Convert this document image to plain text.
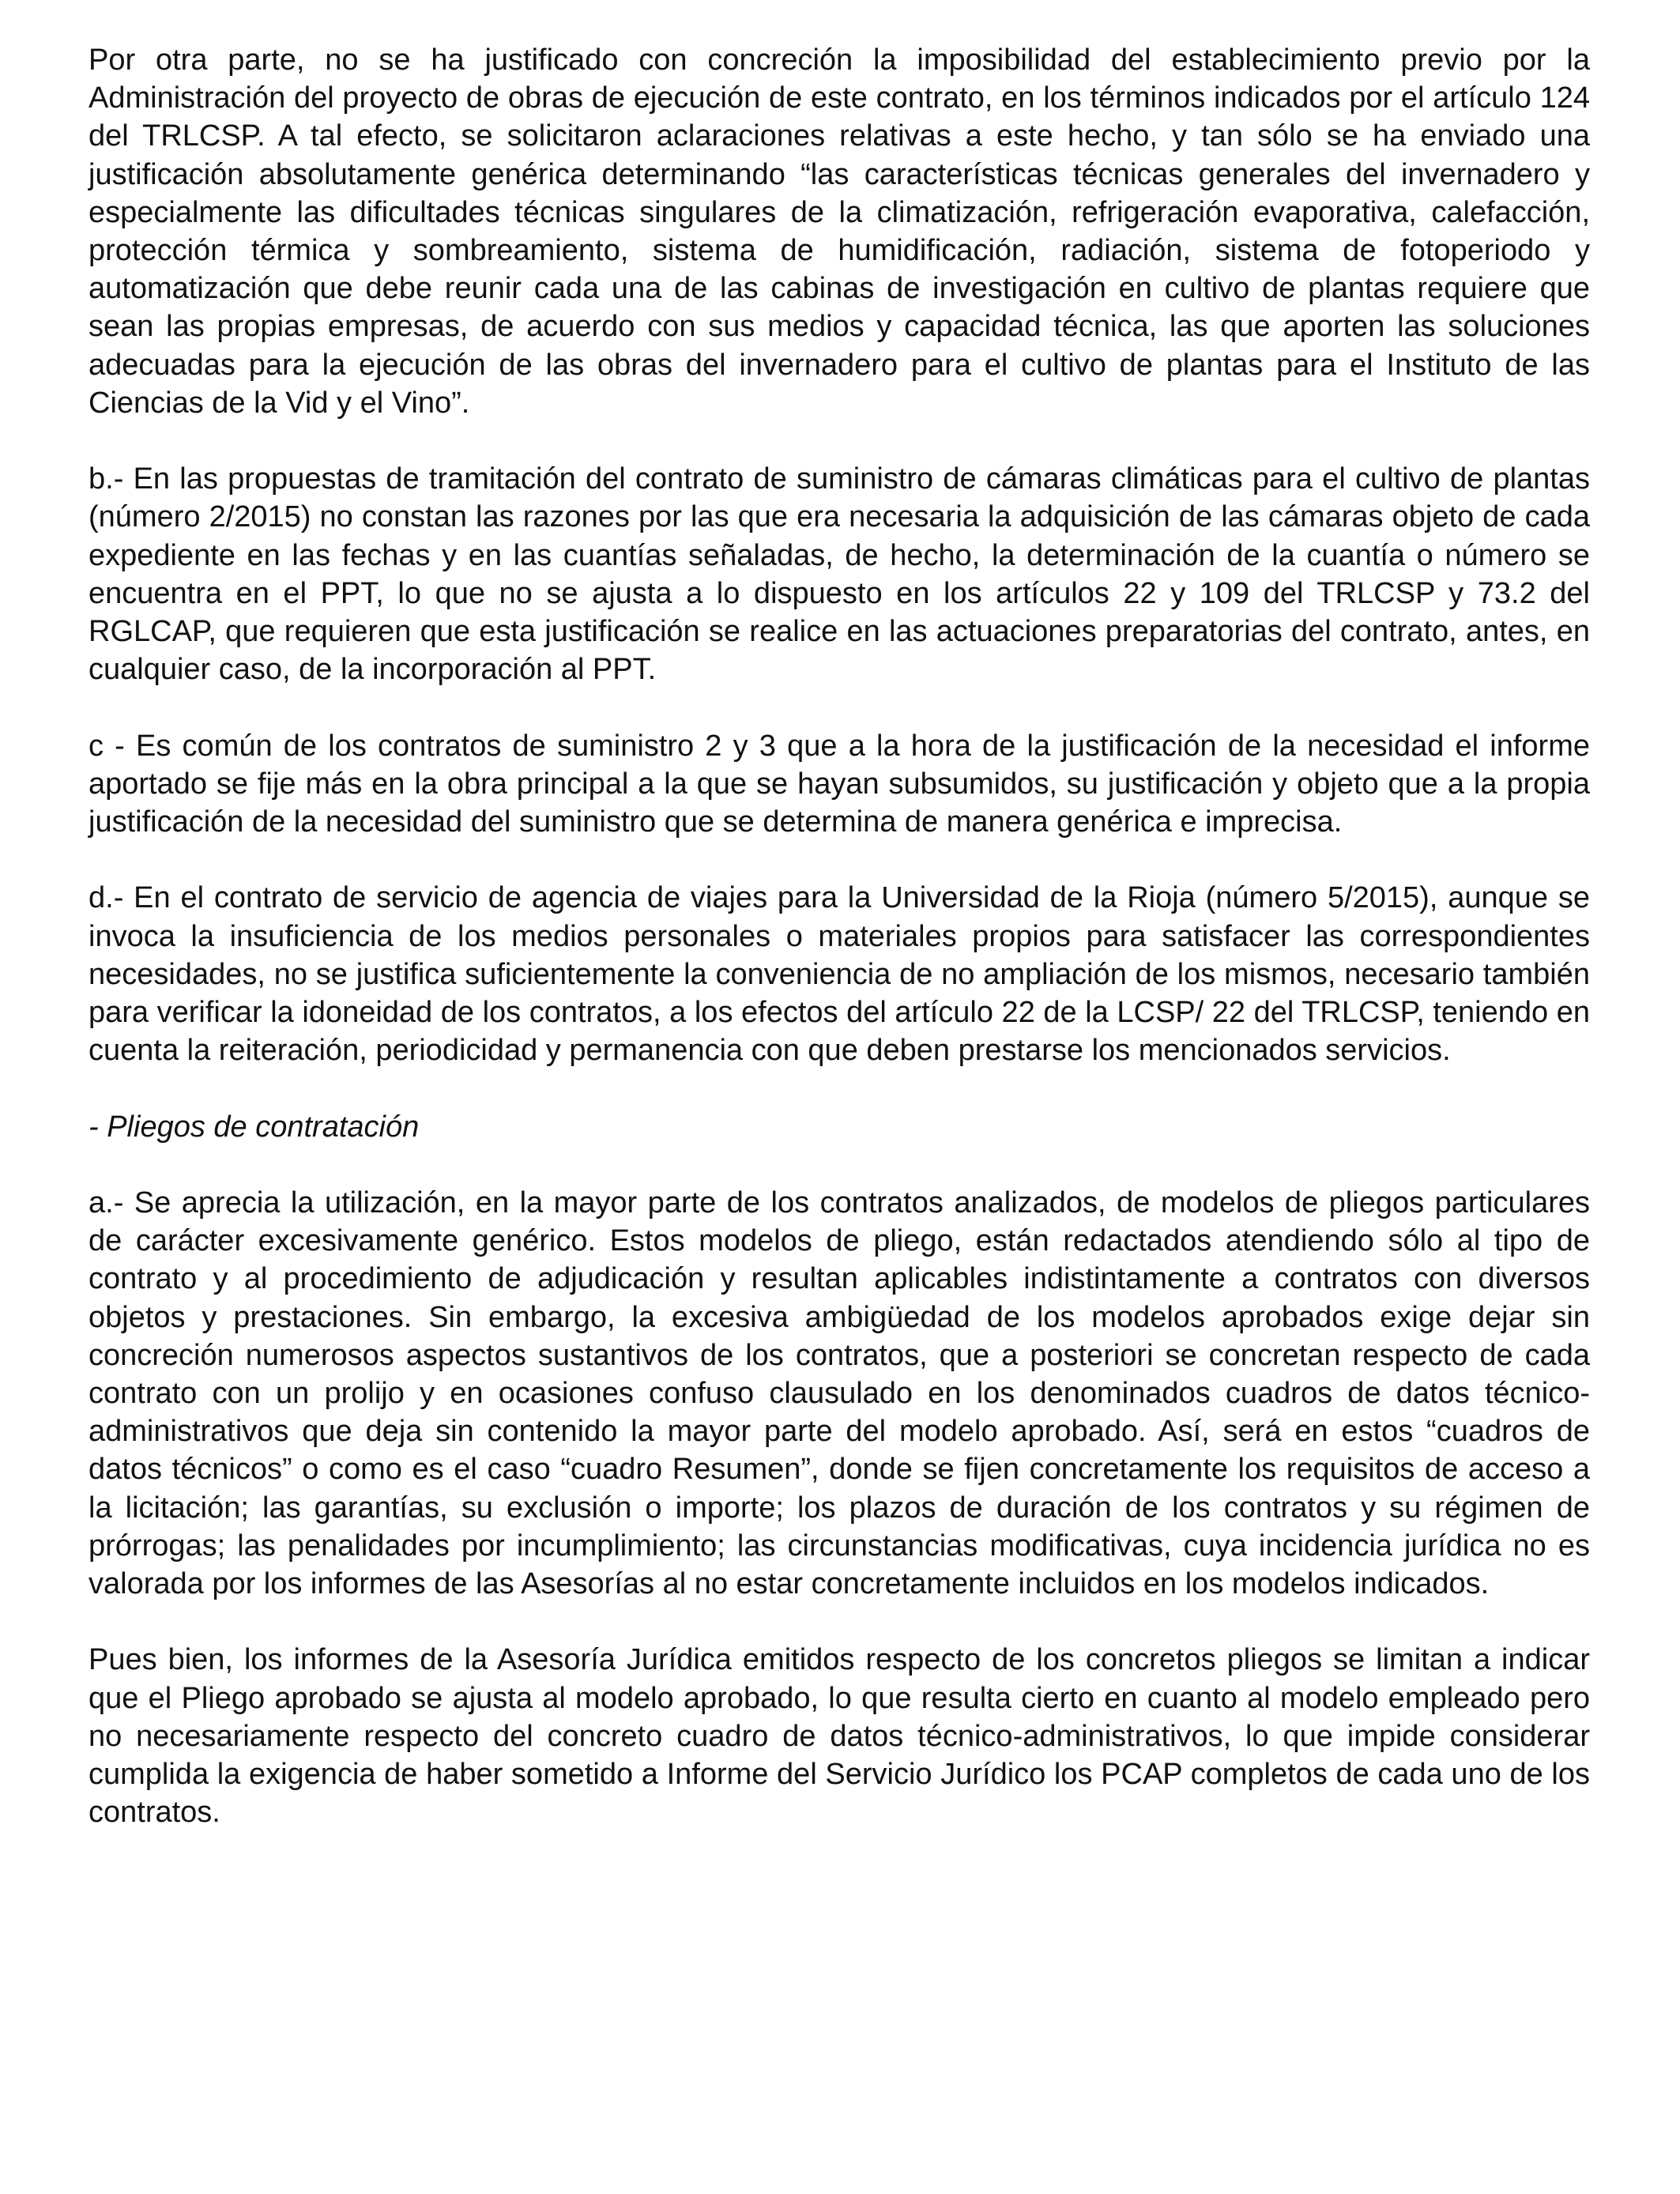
Por otra parte, no se ha justificado con concreción la imposibilidad del establecimiento previo por la Administración del proyecto de obras de ejecución de este contrato, en los términos indicados por el artículo 124 del TRLCSP. A tal efecto, se solicitaron aclaraciones relativas a este hecho, y tan sólo se ha enviado una justificación absolutamente genérica determinando “las características técnicas generales del invernadero y especialmente las dificultades técnicas singulares de la climatización, refrigeración evaporativa, calefacción, protección térmica y sombreamiento, sistema de humidificación, radiación, sistema de fotoperiodo y automatización que debe reunir cada una de las cabinas de investigación en cultivo de plantas requiere que sean las propias empresas, de acuerdo con sus medios y capacidad técnica, las que aporten las soluciones adecuadas para la ejecución de las obras del invernadero para el cultivo de plantas para el Instituto de las Ciencias de la Vid y el Vino”.

b.- En las propuestas de tramitación del contrato de suministro de cámaras climáticas para el cultivo de plantas (número 2/2015) no constan las razones por las que era necesaria la adquisición de las cámaras objeto de cada expediente en las fechas y en las cuantías señaladas, de hecho, la determinación de la cuantía o número se encuentra en el PPT, lo que no se ajusta a lo dispuesto en los artículos 22 y 109 del TRLCSP y 73.2 del RGLCAP, que requieren que esta justificación se realice en las actuaciones preparatorias del contrato, antes, en cualquier caso, de la incorporación al PPT.

c - Es común de los contratos de suministro 2 y 3 que a la hora de la justificación de la necesidad el informe aportado se fije más en la obra principal a la que se hayan subsumidos, su justificación y objeto que a la propia justificación de la necesidad del suministro que se determina de manera genérica e imprecisa.

d.- En el contrato de servicio de agencia de viajes para la Universidad de la Rioja (número 5/2015), aunque se invoca la insuficiencia de los medios personales o materiales propios para satisfacer las correspondientes necesidades, no se justifica suficientemente la conveniencia de no ampliación de los mismos, necesario también para verificar la idoneidad de los contratos, a los efectos del artículo 22 de la LCSP/ 22 del TRLCSP, teniendo en cuenta la reiteración, periodicidad y permanencia con que deben prestarse los mencionados servicios.

- Pliegos de contratación

a.- Se aprecia la utilización, en la mayor parte de los contratos analizados, de modelos de pliegos particulares de carácter excesivamente genérico. Estos modelos de pliego, están redactados atendiendo sólo al tipo de contrato y al procedimiento de adjudicación y resultan aplicables indistintamente a contratos con diversos objetos y prestaciones. Sin embargo, la excesiva ambigüedad de los modelos aprobados exige dejar sin concreción numerosos aspectos sustantivos de los contratos, que a posteriori se concretan respecto de cada contrato con un prolijo y en ocasiones confuso clausulado en los denominados cuadros de datos técnico-administrativos que deja sin contenido la mayor parte del modelo aprobado. Así, será en estos “cuadros de datos técnicos” o como es el caso “cuadro Resumen”, donde se fijen concretamente los requisitos de acceso a la licitación; las garantías, su exclusión o importe; los plazos de duración de los contratos y su régimen de prórrogas; las penalidades por incumplimiento; las circunstancias modificativas, cuya incidencia jurídica no es valorada por los informes de las Asesorías al no estar concretamente incluidos en los modelos indicados.

Pues bien, los informes de la Asesoría Jurídica emitidos respecto de los concretos pliegos se limitan a indicar que el Pliego aprobado se ajusta al modelo aprobado, lo que resulta cierto en cuanto al modelo empleado pero no necesariamente respecto del concreto cuadro de datos técnico-administrativos, lo que impide considerar cumplida la exigencia de haber sometido a Informe del Servicio Jurídico los PCAP completos de cada uno de los contratos.
